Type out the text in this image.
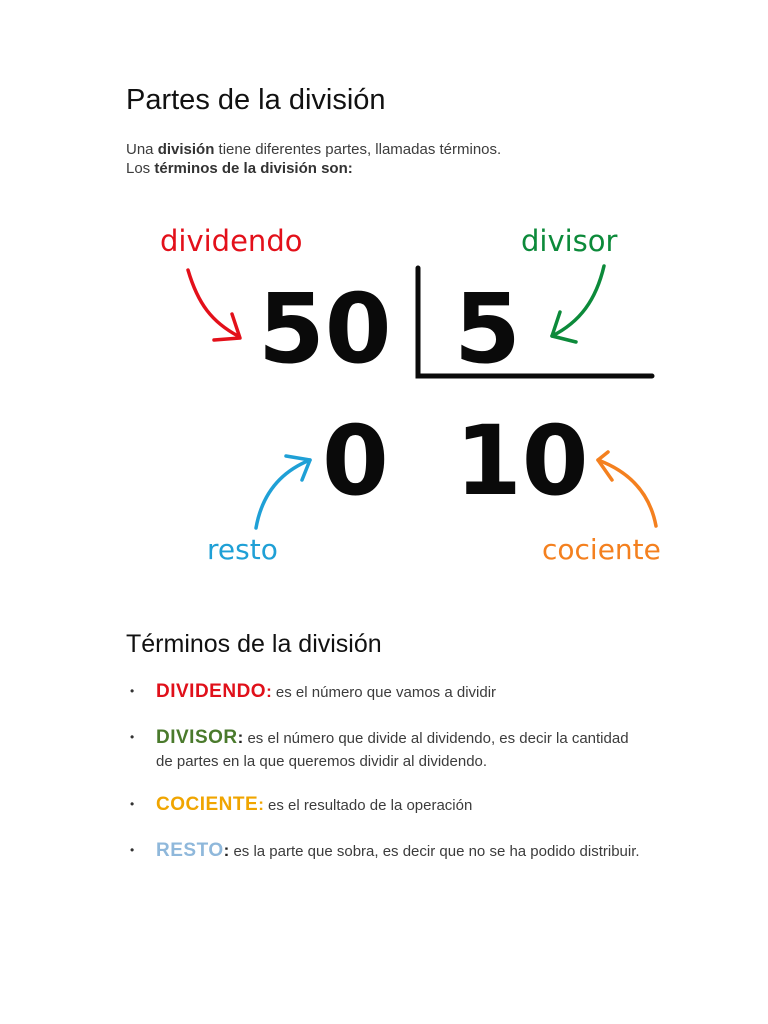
Partes de la división
Una división tiene diferentes partes, llamadas términos.
Los términos de la división son:
dividendo	divisor
resto	cociente
50 5
0 10
Términos de la división
• DIVIDENDO: es el número que vamos a dividir
• DIVISOR: es el número que divide al dividendo, es decir la cantidad de partes en la que queremos dividir al dividendo.
• COCIENTE: es el resultado de la operación
• RESTO: es la parte que sobra, es decir que no se ha podido distribuir.
